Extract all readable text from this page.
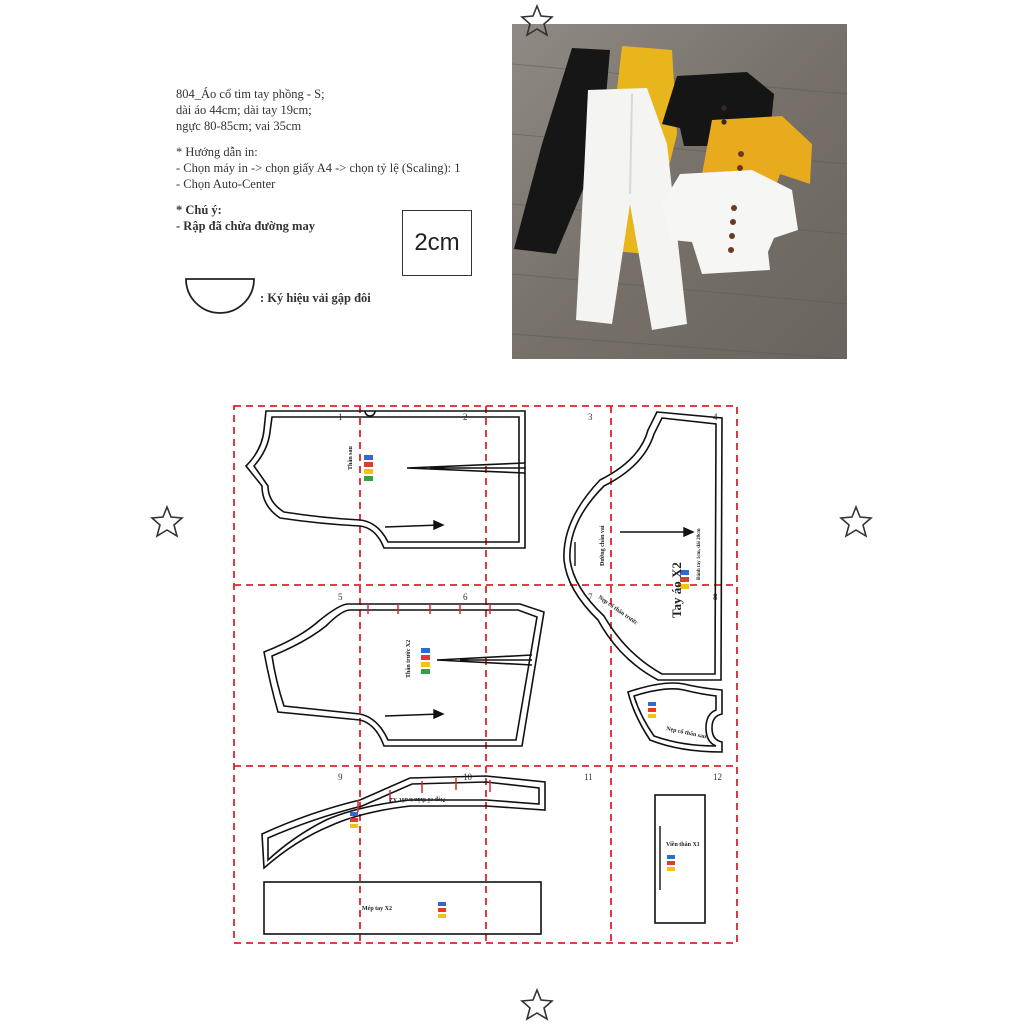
804_Áo cổ tim tay phồng - S;
dài áo 44cm; dài tay 19cm;
ngực 80-85cm; vai 35cm
* Hướng dẫn in:
- Chọn máy in -> chọn giấy A4 -> chọn tỷ lệ (Scaling): 1
- Chọn Auto-Center
* Chú ý:
- Rập đã chừa đường may
2cm
: Ký hiệu vải gập đôi
1	2	3	4
5	6	7	8
9	10	11	12
Thân sau
Thân trước X2
Tay áo X2
Đánh tay 1cm, dài 28cm
Đường chân vai
Nẹp cổ thân trước
Nẹp cổ thân sau
Nẹp cổ thân trước X2
Mép tay X2
Viền thân X1
